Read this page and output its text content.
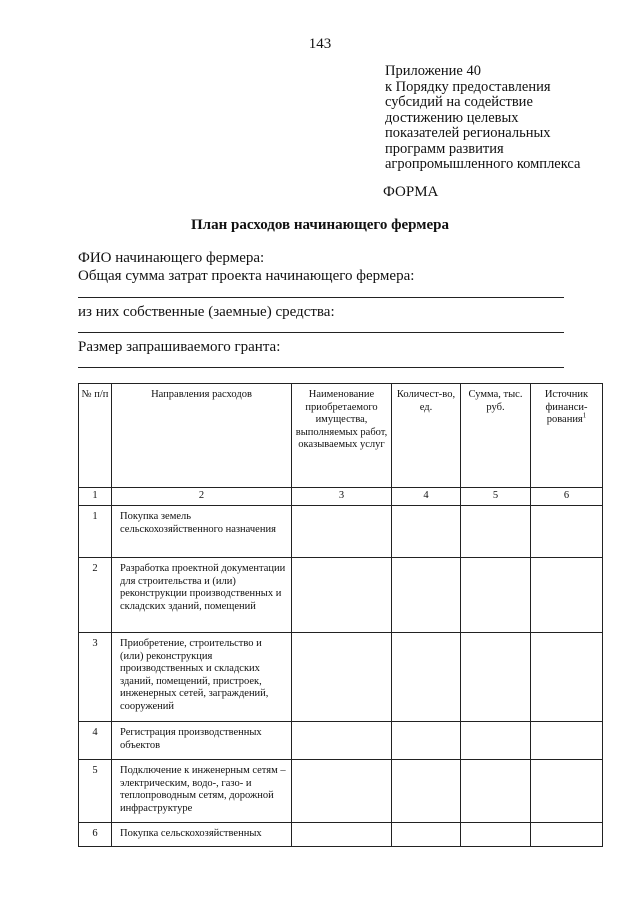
143
Приложение 40
к Порядку предоставления
субсидий на содействие
достижению целевых
показателей региональных
программ развития
агропромышленного комплекса
ФОРМА
План расходов начинающего фермера
ФИО начинающего фермера:
Общая сумма затрат проекта начинающего фермера:
из них собственные (заемные) средства:
Размер запрашиваемого гранта:
№ п/п	Направления расходов	Наименование приобретаемого имущества, выполняемых работ, оказываемых услуг	Количест-во, ед.	Сумма, тыс. руб.	Источник финанси-рования$^1$
1	2	3	4	5	6
1	Покупка земель сельскохозяйственного назначения				
2	Разработка проектной документации для строительства и (или) реконструкции производственных и складских зданий, помещений				
3	Приобретение, строительство и (или) реконструкция производственных и складских зданий, помещений, пристроек, инженерных сетей, заграждений, сооружений				
4	Регистрация производственных объектов				
5	Подключение к инженерным сетям – электрическим, водо-, газо- и теплопроводным сетям, дорожной инфраструктуре				
6	Покупка сельскохозяйственных				
